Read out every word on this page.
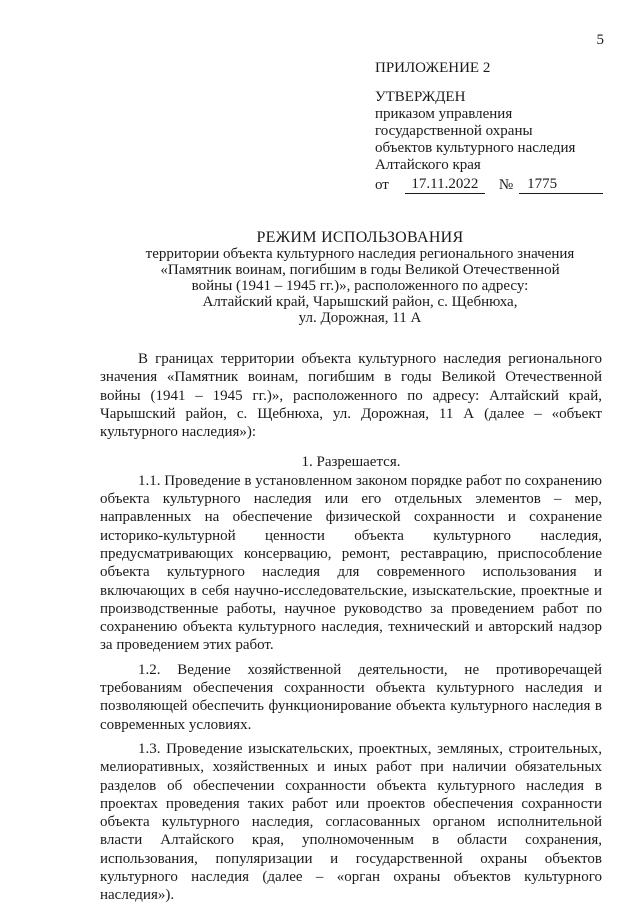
5
ПРИЛОЖЕНИЕ 2
УТВЕРЖДЕН
приказом управления
государственной охраны
объектов культурного наследия
Алтайского края
от	17.11.2022	№ 1775
РЕЖИМ ИСПОЛЬЗОВАНИЯ
территории объекта культурного наследия регионального значения
«Памятник воинам, погибшим в годы Великой Отечественной
войны (1941 – 1945 гг.)», расположенного по адресу:
Алтайский край, Чарышский район, с. Щебнюха,
ул. Дорожная, 11 А

В границах территории объекта культурного наследия регионального значения «Памятник воинам, погибшим в годы Великой Отечественной войны (1941 – 1945 гг.)», расположенного по адресу: Алтайский край, Чарышский район, с. Щебнюха, ул. Дорожная, 11 А (далее – «объект культурного наследия»):

1. Разрешается.

1.1. Проведение в установленном законом порядке работ по сохранению объекта культурного наследия или его отдельных элементов – мер, направленных на обеспечение физической сохранности и сохранение историко-культурной ценности объекта культурного наследия, предусматривающих консервацию, ремонт, реставрацию, приспособление объекта культурного наследия для современного использования и включающих в себя научно-исследовательские, изыскательские, проектные и производственные работы, научное руководство за проведением работ по сохранению объекта культурного наследия, технический и авторский надзор за проведением этих работ.

1.2. Ведение хозяйственной деятельности, не противоречащей требованиям обеспечения сохранности объекта культурного наследия и позволяющей обеспечить функционирование объекта культурного наследия в современных условиях.

1.3. Проведение изыскательских, проектных, земляных, строительных, мелиоративных, хозяйственных и иных работ при наличии обязательных разделов об обеспечении сохранности объекта культурного наследия в проектах проведения таких работ или проектов обеспечения сохранности объекта культурного наследия, согласованных органом исполнительной власти Алтайского края, уполномоченным в области сохранения, использования, популяризации и государственной охраны объектов культурного наследия (далее – «орган охраны объектов культурного наследия»).
